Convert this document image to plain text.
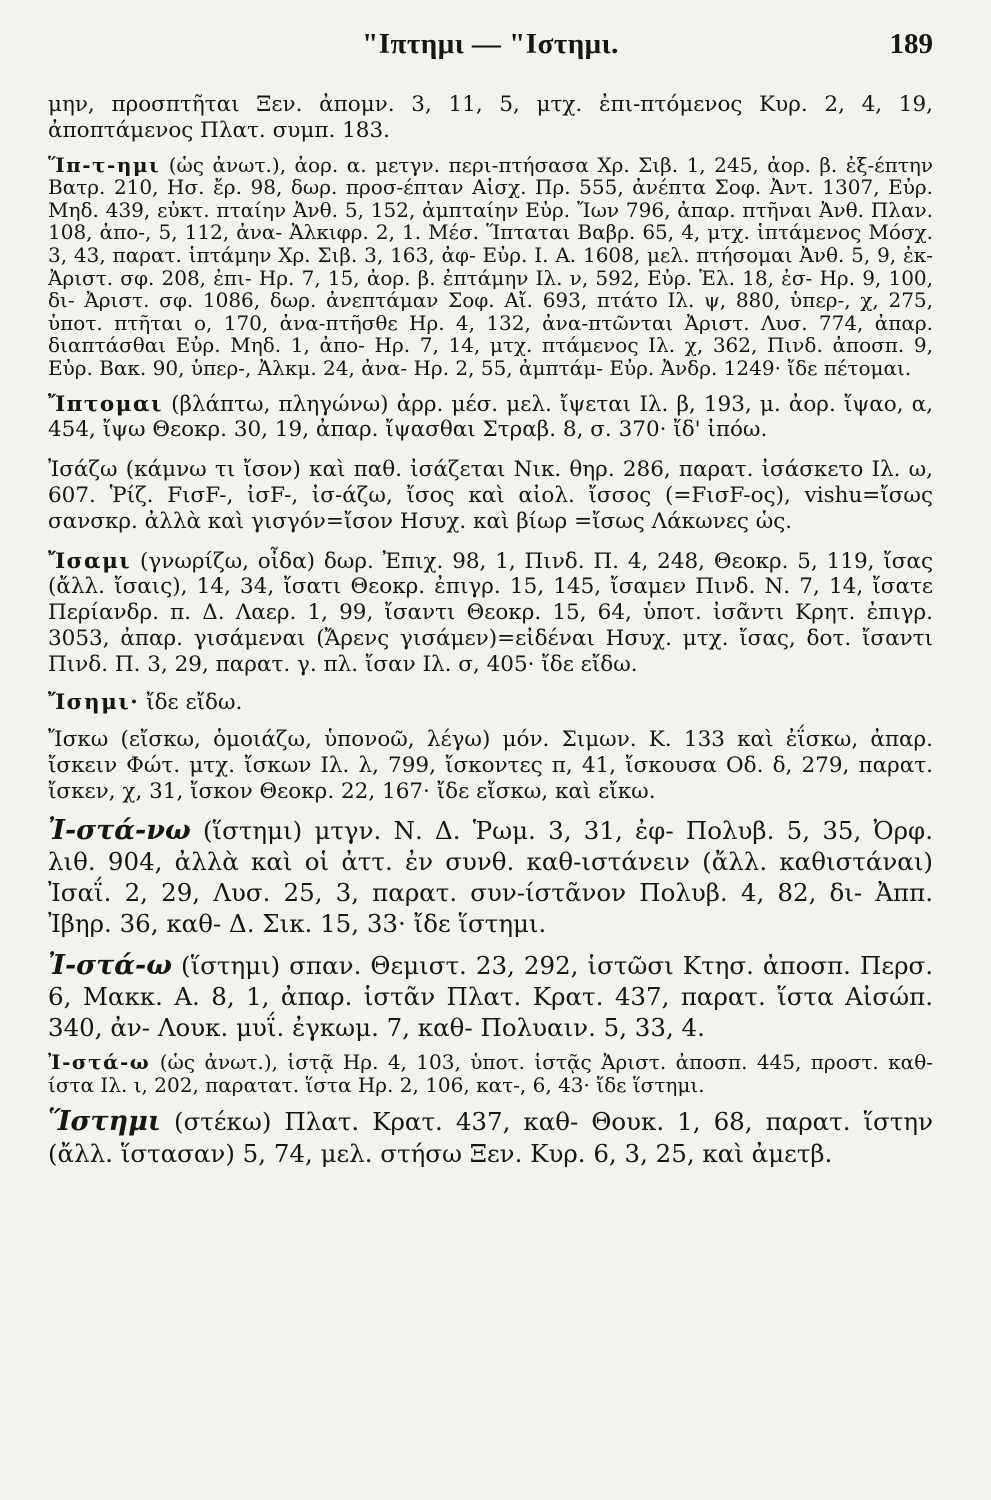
"Ιπτημι — "Ιστημι.	189

μην, προσπτῆται Ξεν. ἀπομν. 3, 11, 5, μτχ. ἐπι-πτόμενος Κυρ. 2, 4, 19, ἀποπτάμενος Πλατ. συμπ. 183.

Ἵπ-τ-ημι (ὡς ἀνωτ.), ἀορ. α. μετγν. περι-πτήσασα Χρ. Σιβ. 1, 245, ἀορ. β. ἐξ-έπτην Βατρ. 210, Ησ. ἔρ. 98, δωρ. προσ-έπταν Αἰσχ. Πρ. 555, ἀνέπτα Σοφ. Ἀντ. 1307, Εὐρ. Μηδ. 439, εὐκτ. πταίην Ἀνθ. 5, 152, ἀμπταίην Εὐρ. Ἴων 796, ἀπαρ. πτῆναι Ἀνθ. Πλαν. 108, ἀπο-, 5, 112, ἀνα- Ἀλκιφρ. 2, 1. Μέσ. Ἵπταται Βαβρ. 65, 4, μτχ. ἱπτάμενος Μόσχ. 3, 43, παρατ. ἱπτάμην Χρ. Σιβ. 3, 163, ἀφ- Εὐρ. Ι. Α. 1608, μελ. πτήσομαι Ἀνθ. 5, 9, ἐκ- Ἀριστ. σφ. 208, ἐπι- Ηρ. 7, 15, ἀορ. β. ἐπτάμην Ιλ. ν, 592, Εὐρ. Ἑλ. 18, ἐσ- Ηρ. 9, 100, δι- Ἀριστ. σφ. 1086, δωρ. ἀνεπτάμαν Σοφ. Αἴ. 693, πτάτο Ιλ. ψ, 880, ὑπερ-, χ, 275, ὑποτ. πτῆται ο, 170, ἀνα-πτῆσθε Ηρ. 4, 132, ἀνα-πτῶνται Ἀριστ. Λυσ. 774, ἀπαρ. διαπτάσθαι Εὐρ. Μηδ. 1, ἀπο- Ηρ. 7, 14, μτχ. πτάμενος Ιλ. χ, 362, Πινδ. ἀποσπ. 9, Εὐρ. Βακ. 90, ὑπερ-, Ἀλκμ. 24, ἀνα- Ηρ. 2, 55, ἀμπτάμ- Εὐρ. Ἀνδρ. 1249· ἴδε πέτομαι.

Ἴπτομαι (βλάπτω, πληγώνω) ἀρρ. μέσ. μελ. ἴψεται Ιλ. β, 193, μ. ἀορ. ἴψαο, α, 454, ἴψω Θεοκρ. 30, 19, ἀπαρ. ἴψασθαι Στραβ. 8, σ. 370· ἴδ' ἰπόω.

Ἰσάζω (κάμνω τι ἴσον) καὶ παθ. ἰσάζεται Νικ. θηρ. 286, παρατ. ἰσάσκετο Ιλ. ω, 607. Ῥίζ. FισF-, ἰσF-, ἰσ-άζω, ἴσος καὶ αἰολ. ἴσσος (=FισF-ος), vishu=ἴσως σανσκρ. ἀλλὰ καὶ γισγόν=ἴσον Ησυχ. καὶ βίωρ =ἴσως Λάκωνες ὡς.

Ἴσαμι (γνωρίζω, οἶδα) δωρ. Ἐπιχ. 98, 1, Πινδ. Π. 4, 248, Θεοκρ. 5, 119, ἴσας (ἄλλ. ἴσαις), 14, 34, ἴσατι Θεοκρ. ἐπιγρ. 15, 145, ἴσαμεν Πινδ. Ν. 7, 14, ἴσατε Περίανδρ. π. Δ. Λαερ. 1, 99, ἴσαντι Θεοκρ. 15, 64, ὑποτ. ἰσᾶντι Κρητ. ἐπιγρ. 3053, ἀπαρ. γισάμεναι (Ἄρενς γισάμεν)=εἰδέναι Ησυχ. μτχ. ἴσας, δοτ. ἴσαντι Πινδ. Π. 3, 29, παρατ. γ. πλ. ἴσαν Ιλ. σ, 405· ἴδε εἴδω.

Ἴσημι· ἴδε εἴδω.

Ἴσκω (εἴσκω, ὁμοιάζω, ὑπονοῶ, λέγω) μόν. Σιμων. Κ. 133 καὶ ἐΐσκω, ἀπαρ. ἴσκειν Φώτ. μτχ. ἴσκων Ιλ. λ, 799, ἴσκοντες π, 41, ἴσκουσα Οδ. δ, 279, παρατ. ἴσκεν, χ, 31, ἴσκον Θεοκρ. 22, 167· ἴδε εἴσκω, καὶ εἴκω.

Ἰ-στά-νω (ἵστημι) μτγν. Ν. Δ. Ῥωμ. 3, 31, ἐφ- Πολυβ. 5, 35, Ὀρφ. λιθ. 904, ἀλλὰ καὶ οἱ ἀττ. ἐν συνθ. καθ-ιστάνειν (ἄλλ. καθιστάναι) Ἰσαΐ. 2, 29, Λυσ. 25, 3, παρατ. συν-ίστᾶνον Πολυβ. 4, 82, δι- Ἀππ. Ἰβηρ. 36, καθ- Δ. Σικ. 15, 33· ἴδε ἵστημι.

Ἰ-στά-ω (ἵστημι) σπαν. Θεμιστ. 23, 292, ἱστῶσι Κτησ. ἀποσπ. Περσ. 6, Μακκ. Α. 8, 1, ἀπαρ. ἱστᾶν Πλατ. Κρατ. 437, παρατ. ἵστα Αἰσώπ. 340, ἀν- Λουκ. μυΐ. ἐγκωμ. 7, καθ- Πολυαιν. 5, 33, 4.

Ἰ-στά-ω (ὡς ἀνωτ.), ἱστᾷ Ηρ. 4, 103, ὑποτ. ἱστᾷς Ἀριστ. ἀποσπ. 445, προστ. καθ-ίστα Ιλ. ι, 202, παρατατ. ἵστα Ηρ. 2, 106, κατ-, 6, 43· ἴδε ἵστημι.

Ἵστημι (στέκω) Πλατ. Κρατ. 437, καθ- Θουκ. 1, 68, παρατ. ἵστην (ἄλλ. ἵστασαν) 5, 74, μελ. στήσω Ξεν. Κυρ. 6, 3, 25, καὶ ἀμετβ.
